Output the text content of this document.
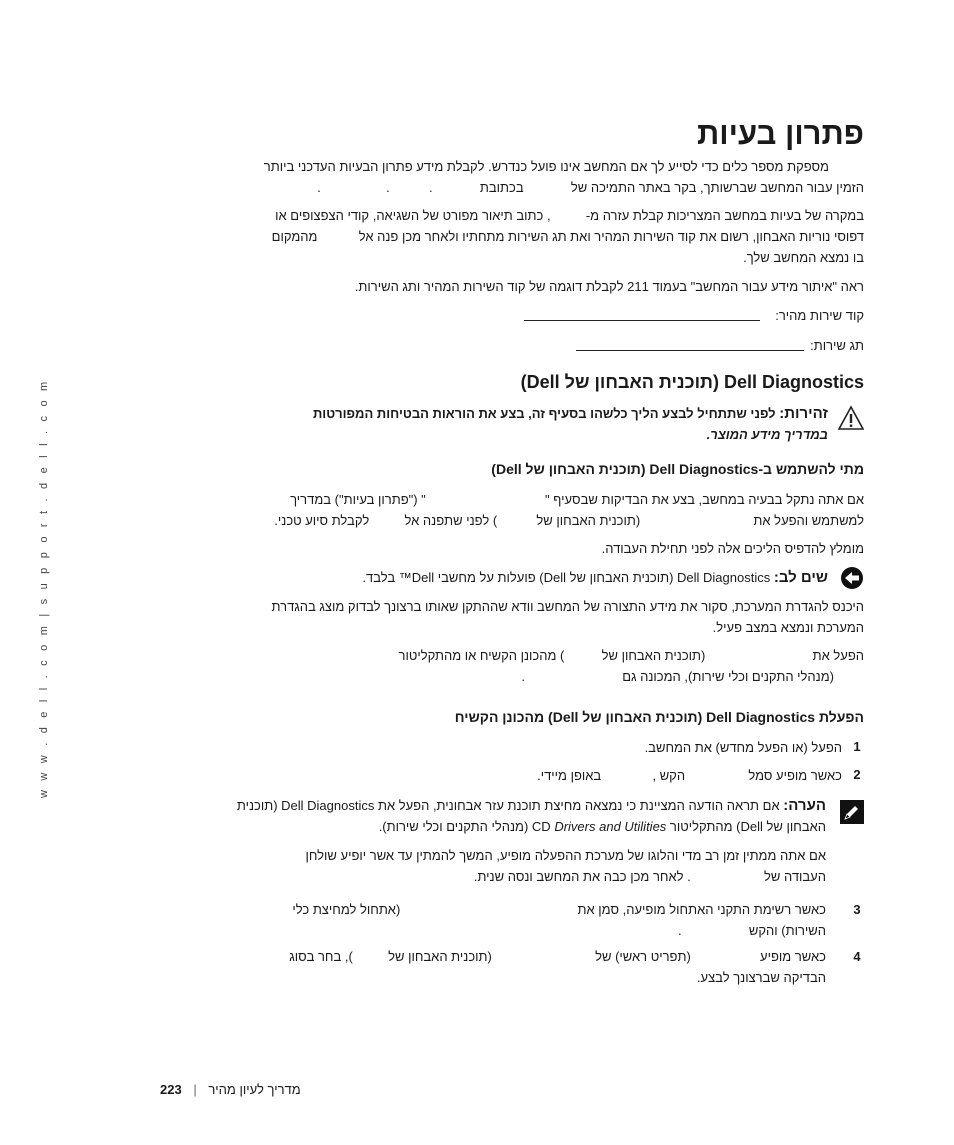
w w w . d e l l . c o m | s u p p o r t . d e l l . c o m
פתרון בעיות
מספקת מספר כלים כדי לסייע לך אם המחשב אינו פועל כנדרש. לקבלת מידע פתרון הבעיות העדכני ביותר
הזמין עבור המחשב שברשותך, בקר באתר התמיכה של  בכתובת  .  .  .
במקרה של בעיות במחשב המצריכות קבלת עזרה מ-  , כתוב תיאור מפורט של השגיאה, קודי הצפצופים או
דפוסי נוריות האבחון, רשום את קוד השירות המהיר ואת תג השירות מתחתיו ולאחר מכן פנה אל  מהמקום
בו נמצא המחשב שלך.
ראה "איתור מידע עבור המחשב" בעמוד 211 לקבלת דוגמה של קוד השירות המהיר ותג השירות.
קוד שירות מהיר:
תג שירות:
Dell Diagnostics (תוכנית האבחון של Dell)
זהירות: לפני שתתחיל לבצע הליך כלשהו בסעיף זה, בצע את הוראות הבטיחות המפורטות
במדריך מידע המוצר.
מתי להשתמש ב-Dell Diagnostics (תוכנית האבחון של Dell)
אם אתה נתקל בבעיה במחשב, בצע את הבדיקות שבסעיף "  " ("פתרון בעיות") במדריך
למשתמש והפעל את  (תוכנית האבחון של  ) לפני שתפנה אל  לקבלת סיוע טכני.
מומלץ להדפיס הליכים אלה לפני תחילת העבודה.
שים לב: Dell Diagnostics (תוכנית האבחון של Dell) פועלות על מחשבי Dell™ בלבד.
היכנס להגדרת המערכת, סקור את מידע התצורה של המחשב וודא שההתקן שאותו ברצונך לבדוק מוצג בהגדרת
המערכת ונמצא במצב פעיל.
הפעל את  (תוכנית האבחון של  ) מהכונן הקשיח או מהתקליטור
(מנהלי התקנים וכלי שירות), המכונה גם  .
הפעלת Dell Diagnostics (תוכנית האבחון של Dell) מהכונן הקשיח
1
הפעל (או הפעל מחדש) את המחשב.
2
כאשר מופיע סמל  הקש ,  באופן מיידי.
הערה: אם תראה הודעה המציינת כי נמצאה מחיצת תוכנת עזר אבחונית, הפעל את Dell Diagnostics (תוכנית
האבחון של Dell) מהתקליטור CD Drivers and Utilities (מנהלי התקנים וכלי שירות).
אם אתה ממתין זמן רב מדי והלוגו של מערכת ההפעלה מופיע, המשך להמתין עד אשר יופיע שולחן
העבודה של  . לאחר מכן כבה את המחשב ונסה שנית.
3
כאשר רשימת התקני האתחול מופיעה, סמן את  (אתחול למחיצת כלי
השירות) והקש  .
4
כאשר מופיע  (תפריט ראשי) של  (תוכנית האבחון של  ), בחר בסוג
הבדיקה שברצונך לבצע.
מדריך לעיון מהיר | 223
